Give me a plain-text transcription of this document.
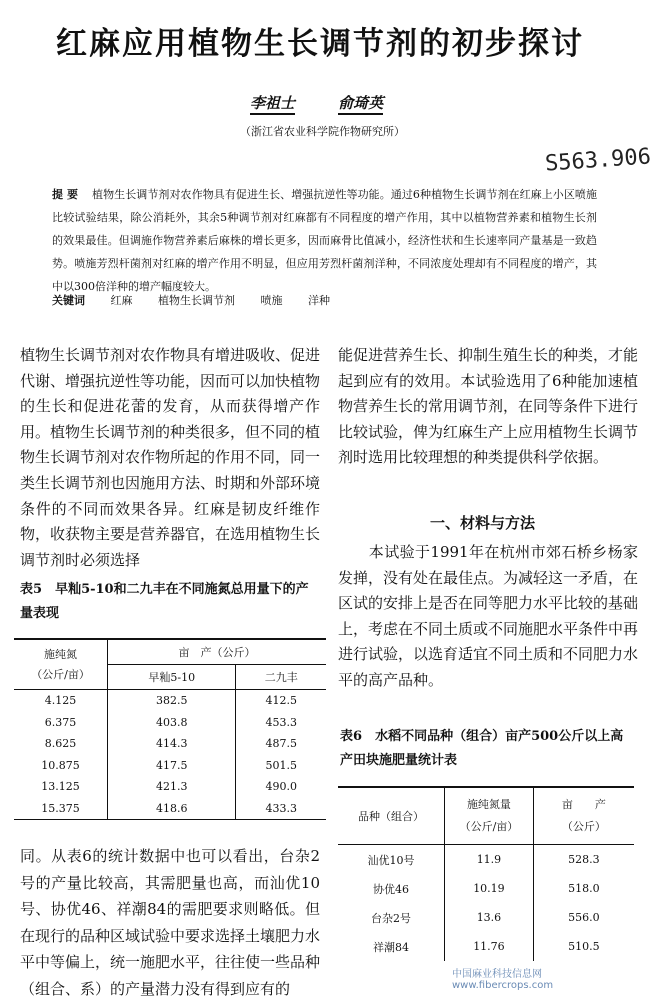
红麻应用植物生长调节剂的初步探讨
李祖士	俞琦英
（浙江省农业科学院作物研究所）
S563.906
提 要 植物生长调节剂对农作物具有促进生长、增强抗逆性等功能。通过6种植物生长调节剂在红麻上小区喷施比较试验结果，除公消耗外，其余5种调节剂对红麻都有不同程度的增产作用，其中以植物营养素和植物生长剂的效果最佳。但调施作物营养素后麻株的增长更多，因而麻骨比值减小，经济性状和生长速率同产量基是一致趋势。喷施芳烈杆菌剂对红麻的增产作用不明显，但应用芳烈杆菌剂洋种，不同浓度处理却有不同程度的增产，其中以300倍洋种的增产幅度较大。
关键词 红麻 植物生长调节剂 喷施 洋种
植物生长调节剂对农作物具有增进吸收、促进代谢、增强抗逆性等功能，因而可以加快植物的生长和促进花蕾的发育，从而获得增产作用。植物生长调节剂的种类很多，但不同的植物生长调节剂对农作物所起的作用不同，同一类生长调节剂也因施用方法、时期和外部环境条件的不同而效果各异。红麻是韧皮纤维作物，收获物主要是营养器官，在选用植物生长调节剂时必须选择
能促进营养生长、抑制生殖生长的种类，才能起到应有的效用。本试验选用了6种能加速植物营养生长的常用调节剂，在同等条件下进行比较试验，俾为红麻生产上应用植物生长调节剂时选用比较理想的种类提供科学依据。
一、材料与方法
　　本试验于1991年在杭州市郊石桥乡杨家发掸，没有处在最佳点。为减轻这一矛盾，在区试的安排上是否在同等肥力水平比较的基础上，考虑在不同土质或不同施肥水平条件中再进行试验，以选育适宜不同土质和不同肥力水平的高产品种。
表5　 早籼5-10和二九丰在不同施氮总用量下的产量表现
施纯氮
（公斤/亩）	亩　产（公斤）	
	早籼5-10	二九丰
4.125	382.5	412.5
6.375	403.8	453.3
8.625	414.3	487.5
10.875	417.5	501.5
13.125	421.3	490.0
15.375	418.6	433.3
同。从表6的统计数据中也可以看出，台杂2号的产量比较高，其需肥量也高，而汕优10号、协优46、祥潮84的需肥要求则略低。但在现行的品种区域试验中要求选择土壤肥力水平中等偏上，统一施肥水平，往往使一些品种（组合、系）的产量潜力没有得到应有的
表6　 水稻不同品种（组合）亩产500公斤以上高产田块施肥量统计表
品种（组合）	施纯氮量
（公斤/亩）	亩　　产
（公斤）
汕优10号	11.9	528.3
协优46	10.19	518.0
台杂2号	13.6	556.0
祥潮84	11.76	510.5
中国麻业科技信息网 www.fibercrops.com
